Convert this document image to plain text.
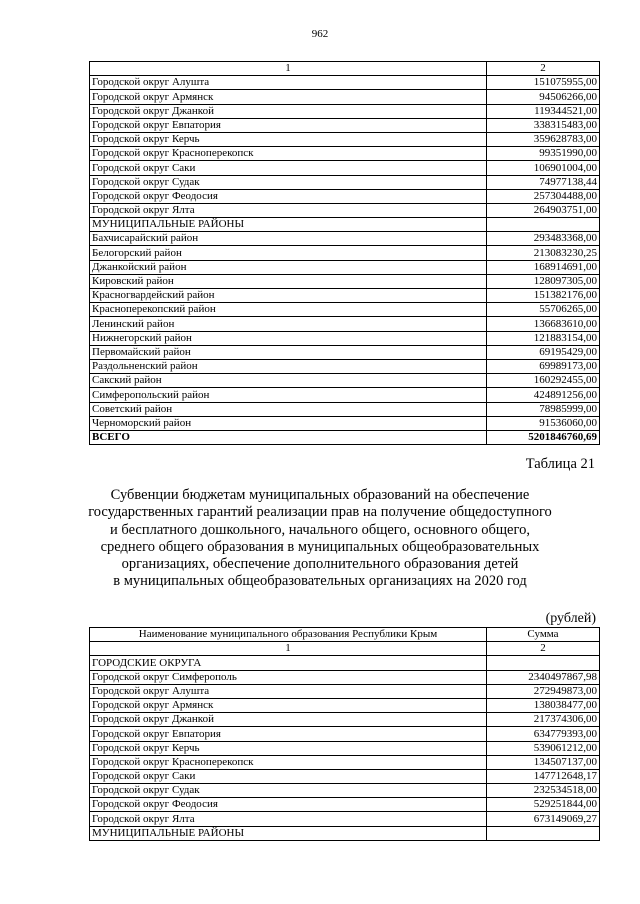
962
1	2
Городской округ Алушта	151075955,00
Городской округ Армянск	94506266,00
Городской округ Джанкой	119344521,00
Городской округ Евпатория	338315483,00
Городской округ Керчь	359628783,00
Городской округ Красноперекопск	99351990,00
Городской округ Саки	106901004,00
Городской округ Судак	74977138,44
Городской округ Феодосия	257304488,00
Городской округ Ялта	264903751,00
МУНИЦИПАЛЬНЫЕ РАЙОНЫ	
Бахчисарайский район	293483368,00
Белогорский район	213083230,25
Джанкойский район	168914691,00
Кировский район	128097305,00
Красногвардейский район	151382176,00
Красноперекопский район	55706265,00
Ленинский район	136683610,00
Нижнегорский район	121883154,00
Первомайский район	69195429,00
Раздольненский район	69989173,00
Сакский район	160292455,00
Симферопольский район	424891256,00
Советский район	78985999,00
Черноморский район	91536060,00
ВСЕГО	5201846760,69
Таблица 21
Субвенции бюджетам муниципальных образований на обеспечение
государственных гарантий реализации прав на получение общедоступного
и бесплатного дошкольного, начального общего, основного общего,
среднего общего образования в муниципальных общеобразовательных
организациях, обеспечение дополнительного образования детей
в муниципальных общеобразовательных организациях на 2020 год
(рублей)
Наименование муниципального образования Республики Крым	Сумма
1	2
ГОРОДСКИЕ ОКРУГА	
Городской округ Симферополь	2340497867,98
Городской округ Алушта	272949873,00
Городской округ Армянск	138038477,00
Городской округ Джанкой	217374306,00
Городской округ Евпатория	634779393,00
Городской округ Керчь	539061212,00
Городской округ Красноперекопск	134507137,00
Городской округ Саки	147712648,17
Городской округ Судак	232534518,00
Городской округ Феодосия	529251844,00
Городской округ Ялта	673149069,27
МУНИЦИПАЛЬНЫЕ РАЙОНЫ	
